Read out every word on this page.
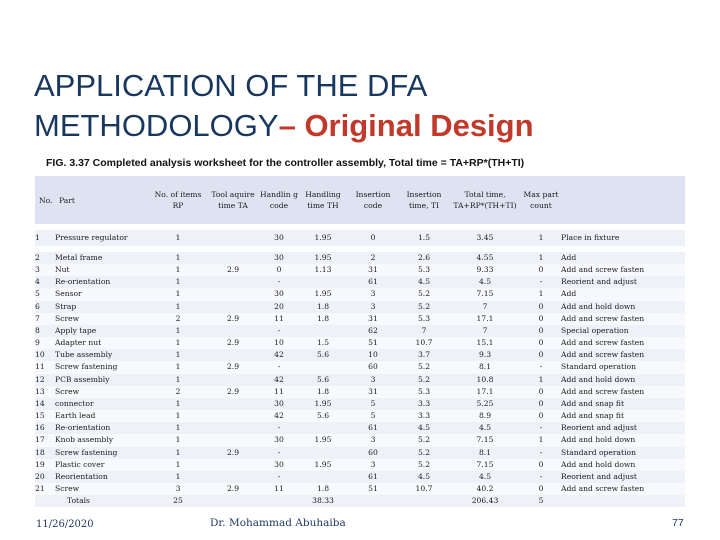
APPLICATION OF THE DFA
METHODOLOGY– Original Design

FIG. 3.37 Completed analysis worksheet for the controller assembly, Total time = TA+RP*(TH+TI)

No.	Part	No. of items RP	Tool aquire time TA	Handlin g code	Handling time TH	Insertion code	Insertion time, TI	Total time, TA+RP*(TH+TI)	Max part count	

1	Pressure regulator	1		30	1.95	0	1.5	3.45	1	Place in fixture

2	Metal frame	1		30	1.95	2	2.6	4.55	1	Add
3	Nut	1	2.9	0	1.13	31	5.3	9.33	0	Add and screw fasten
4	Re-orientation	1		-		61	4.5	4.5	-	Reorient and adjust
5	Sensor	1		30	1.95	3	5.2	7.15	1	Add
6	Strap	1		20	1.8	3	5.2	7	0	Add and hold down
7	Screw	2	2.9	11	1.8	31	5.3	17.1	0	Add and screw fasten
8	Apply tape	1		-		62	7	7	0	Special operation
9	Adapter nut	1	2.9	10	1.5	51	10.7	15.1	0	Add and screw fasten
10	Tube assembly	1		42	5.6	10	3.7	9.3	0	Add and screw fasten
11	Screw fastening	1	2.9	-		60	5.2	8.1	-	Standard operation
12	PCB assembly	1		42	5.6	3	5.2	10.8	1	Add and hold down
13	Screw	2	2.9	11	1.8	31	5.3	17.1	0	Add and screw fasten
14	connector	1		30	1.95	5	3.3	5.25	0	Add and snap fit
15	Earth lead	1		42	5.6	5	3.3	8.9	0	Add and snap fit
16	Re-orientation	1		-		61	4.5	4.5	-	Reorient and adjust
17	Knob assembly	1		30	1.95	3	5.2	7.15	1	Add and hold down
18	Screw fastening	1	2.9	-		60	5.2	8.1	-	Standard operation
19	Plastic cover	1		30	1.95	3	5.2	7.15	0	Add and hold down
20	Reorientation	1		-		61	4.5	4.5	-	Reorient and adjust
21	Screw	3	2.9	11	1.8	51	10.7	40.2	0	Add and screw fasten
	Totals	25			38.33			206.43	5	
11/26/2020	Dr. Mohammad Abuhaiba	77
